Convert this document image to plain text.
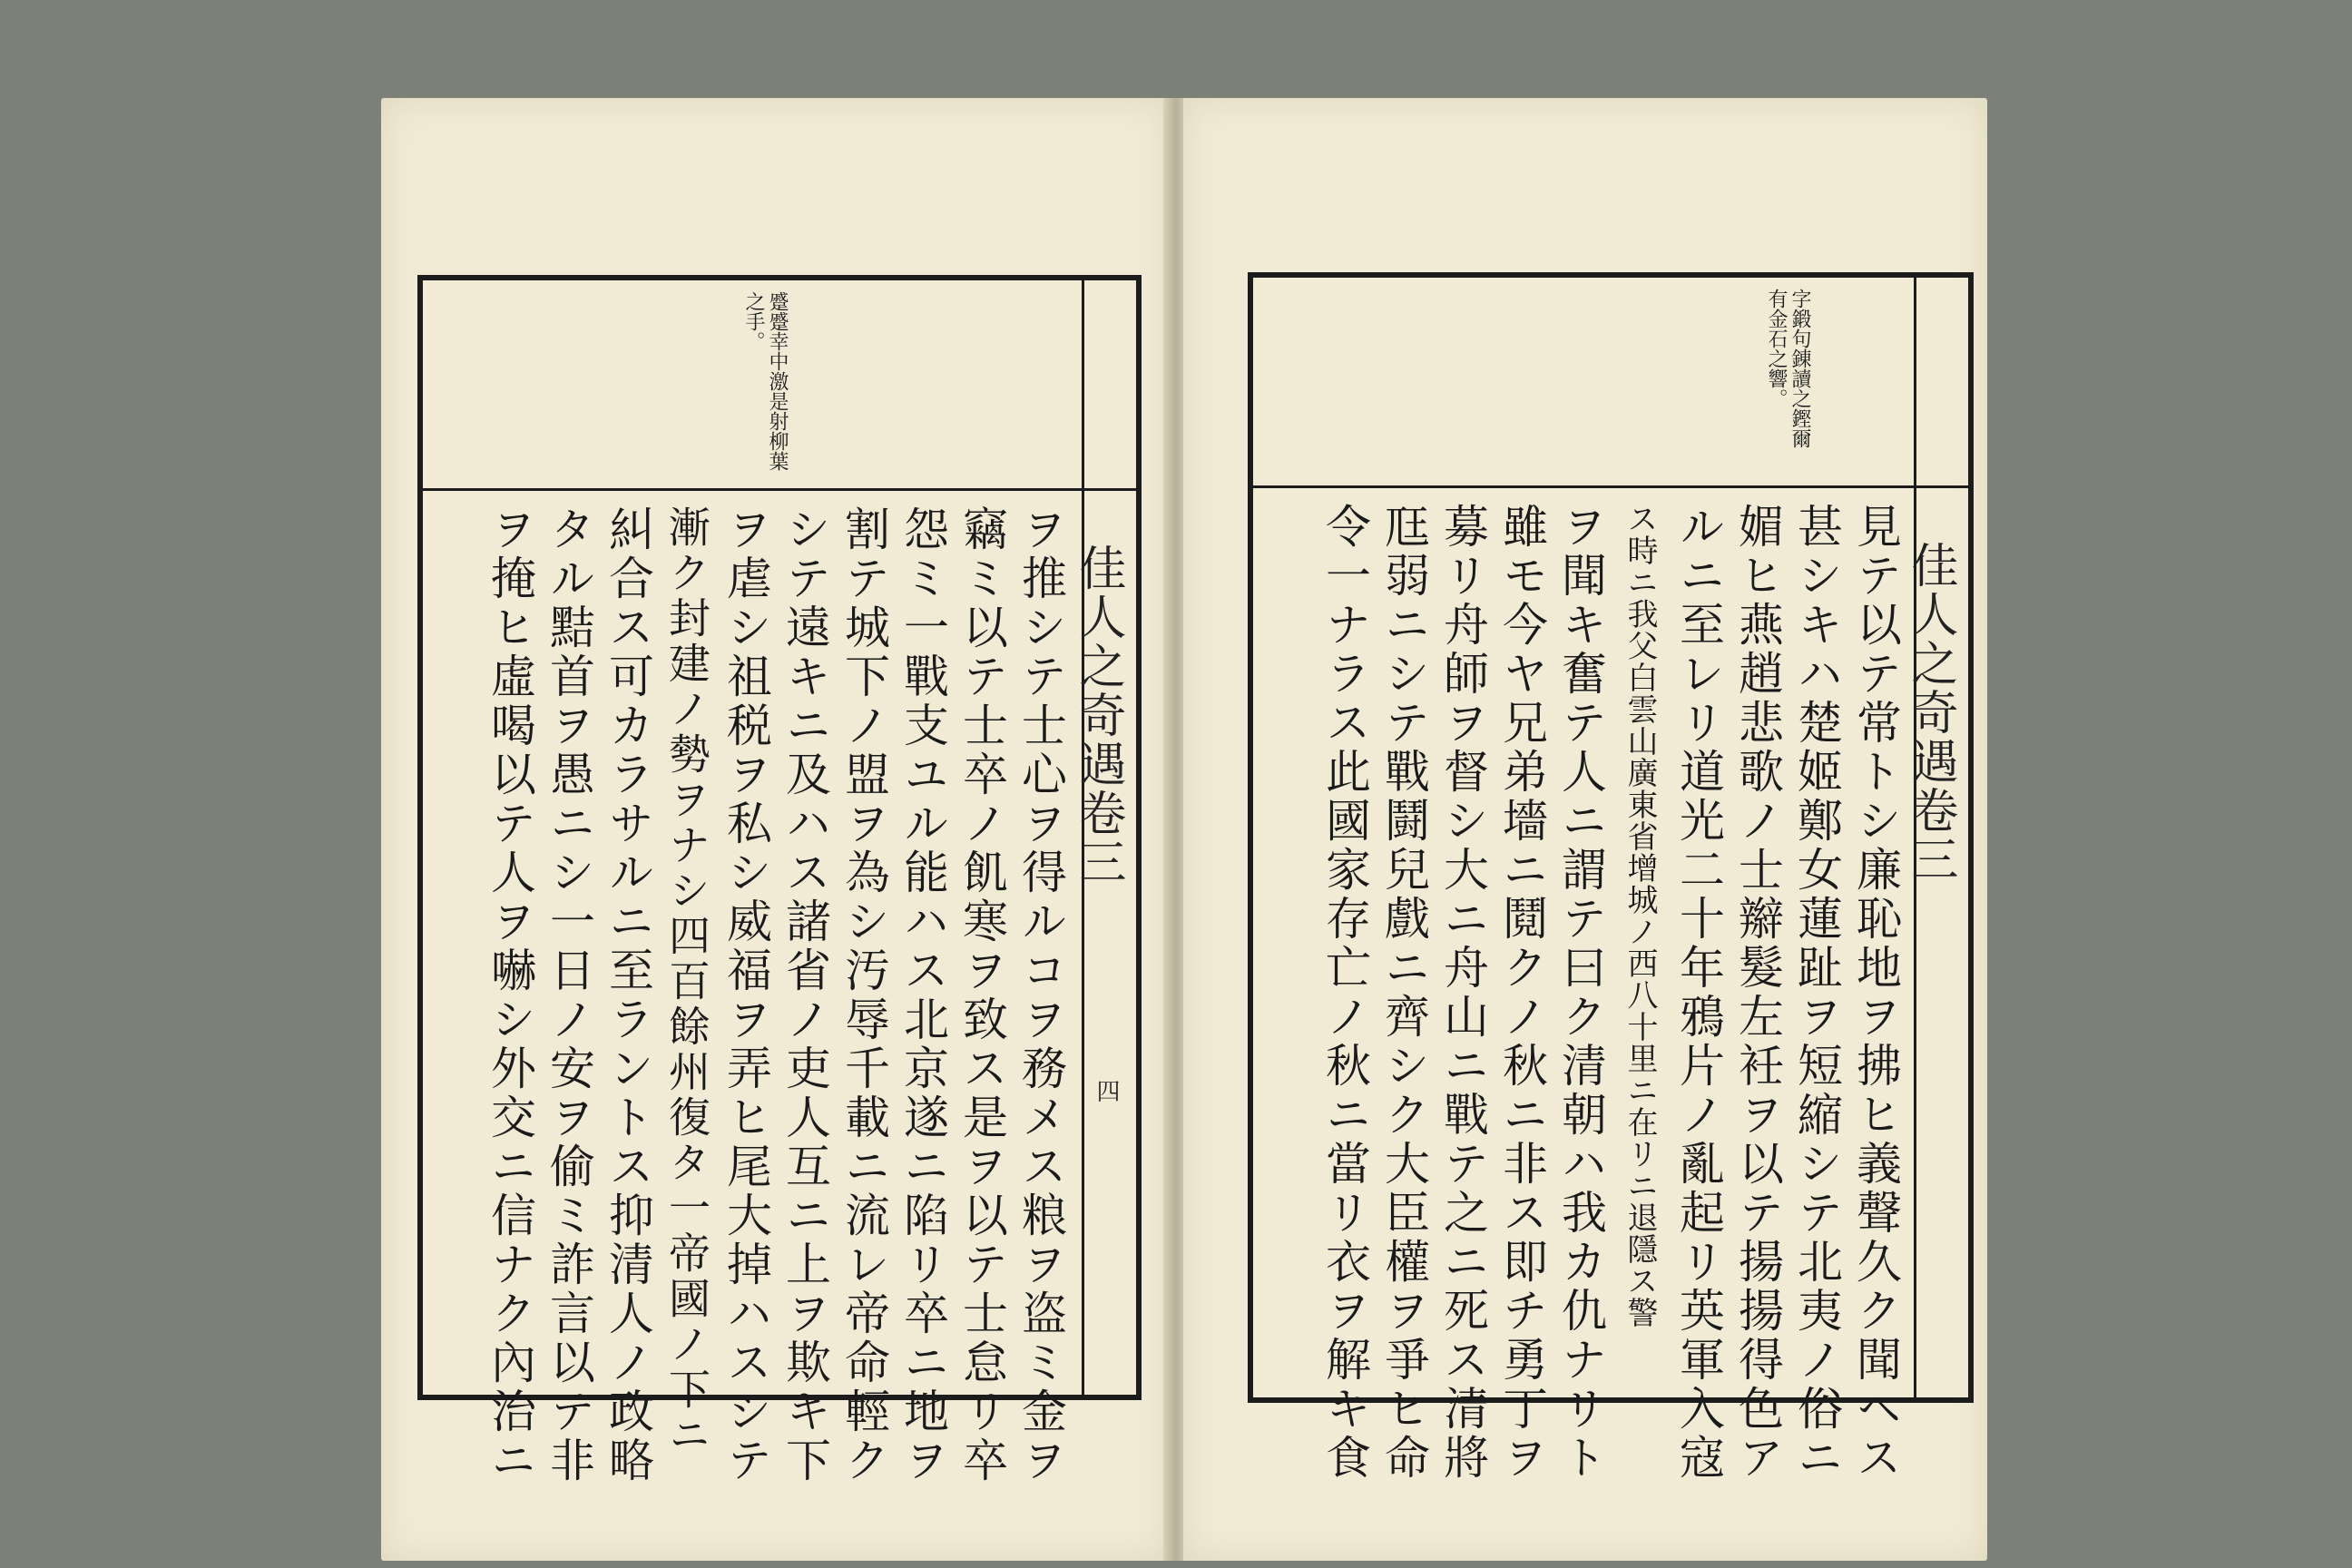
蹙蹙幸中激是射柳葉
之手。
佳人之奇遇卷三
四
ヲ推シテ士心ヲ得ルコヲ務メス粮ヲ盗ミ金ヲ
竊ミ以テ士卒ノ飢寒ヲ致ス是ヲ以テ士怠リ卒
怨ミ一戰支ユル能ハス北京遂ニ陷リ卒ニ地ヲ
割テ城下ノ盟ヲ為シ汚辱千載ニ流レ帝命輕ク
シテ遠キニ及ハス諸省ノ吏人互ニ上ヲ欺キ下
ヲ虐シ祖税ヲ私シ威福ヲ弄ヒ尾大掉ハスシテ
漸ク封建ノ勢ヲナシ四百餘州復タ一帝國ノ下ニ
糾合ス可カラサルニ至ラントス抑清人ノ政略
タル黠首ヲ愚ニシ一日ノ安ヲ偷ミ詐言以テ非
ヲ掩ヒ虛喝以テ人ヲ嚇シ外交ニ信ナク內治ニ
字鍛句錬讀之鏗爾
有金石之響。
佳人之奇遇卷三
見テ以テ常トシ廉恥地ヲ拂ヒ義聲久ク聞ヘス
甚シキハ楚姬鄭女蓮趾ヲ短縮シテ北夷ノ俗ニ
媚ヒ燕趙悲歌ノ士辮髮左衽ヲ以テ揚揚得色ア
ルニ至レリ道光二十年鴉片ノ亂起リ英軍入寇
ス時ニ我父白雲山廣東省增城ノ西八十里ニ在リニ退隱ス警
ヲ聞キ奮テ人ニ謂テ曰ク清朝ハ我カ仇ナリト
雖モ今ヤ兄弟墻ニ鬩クノ秋ニ非ス即チ勇丁ヲ
募リ舟師ヲ督シ大ニ舟山ニ戰テ之ニ死ス清將
尫弱ニシテ戰鬪兒戲ニ齊シク大臣權ヲ爭ヒ命
令一ナラス此國家存亡ノ秋ニ當リ衣ヲ解キ食
